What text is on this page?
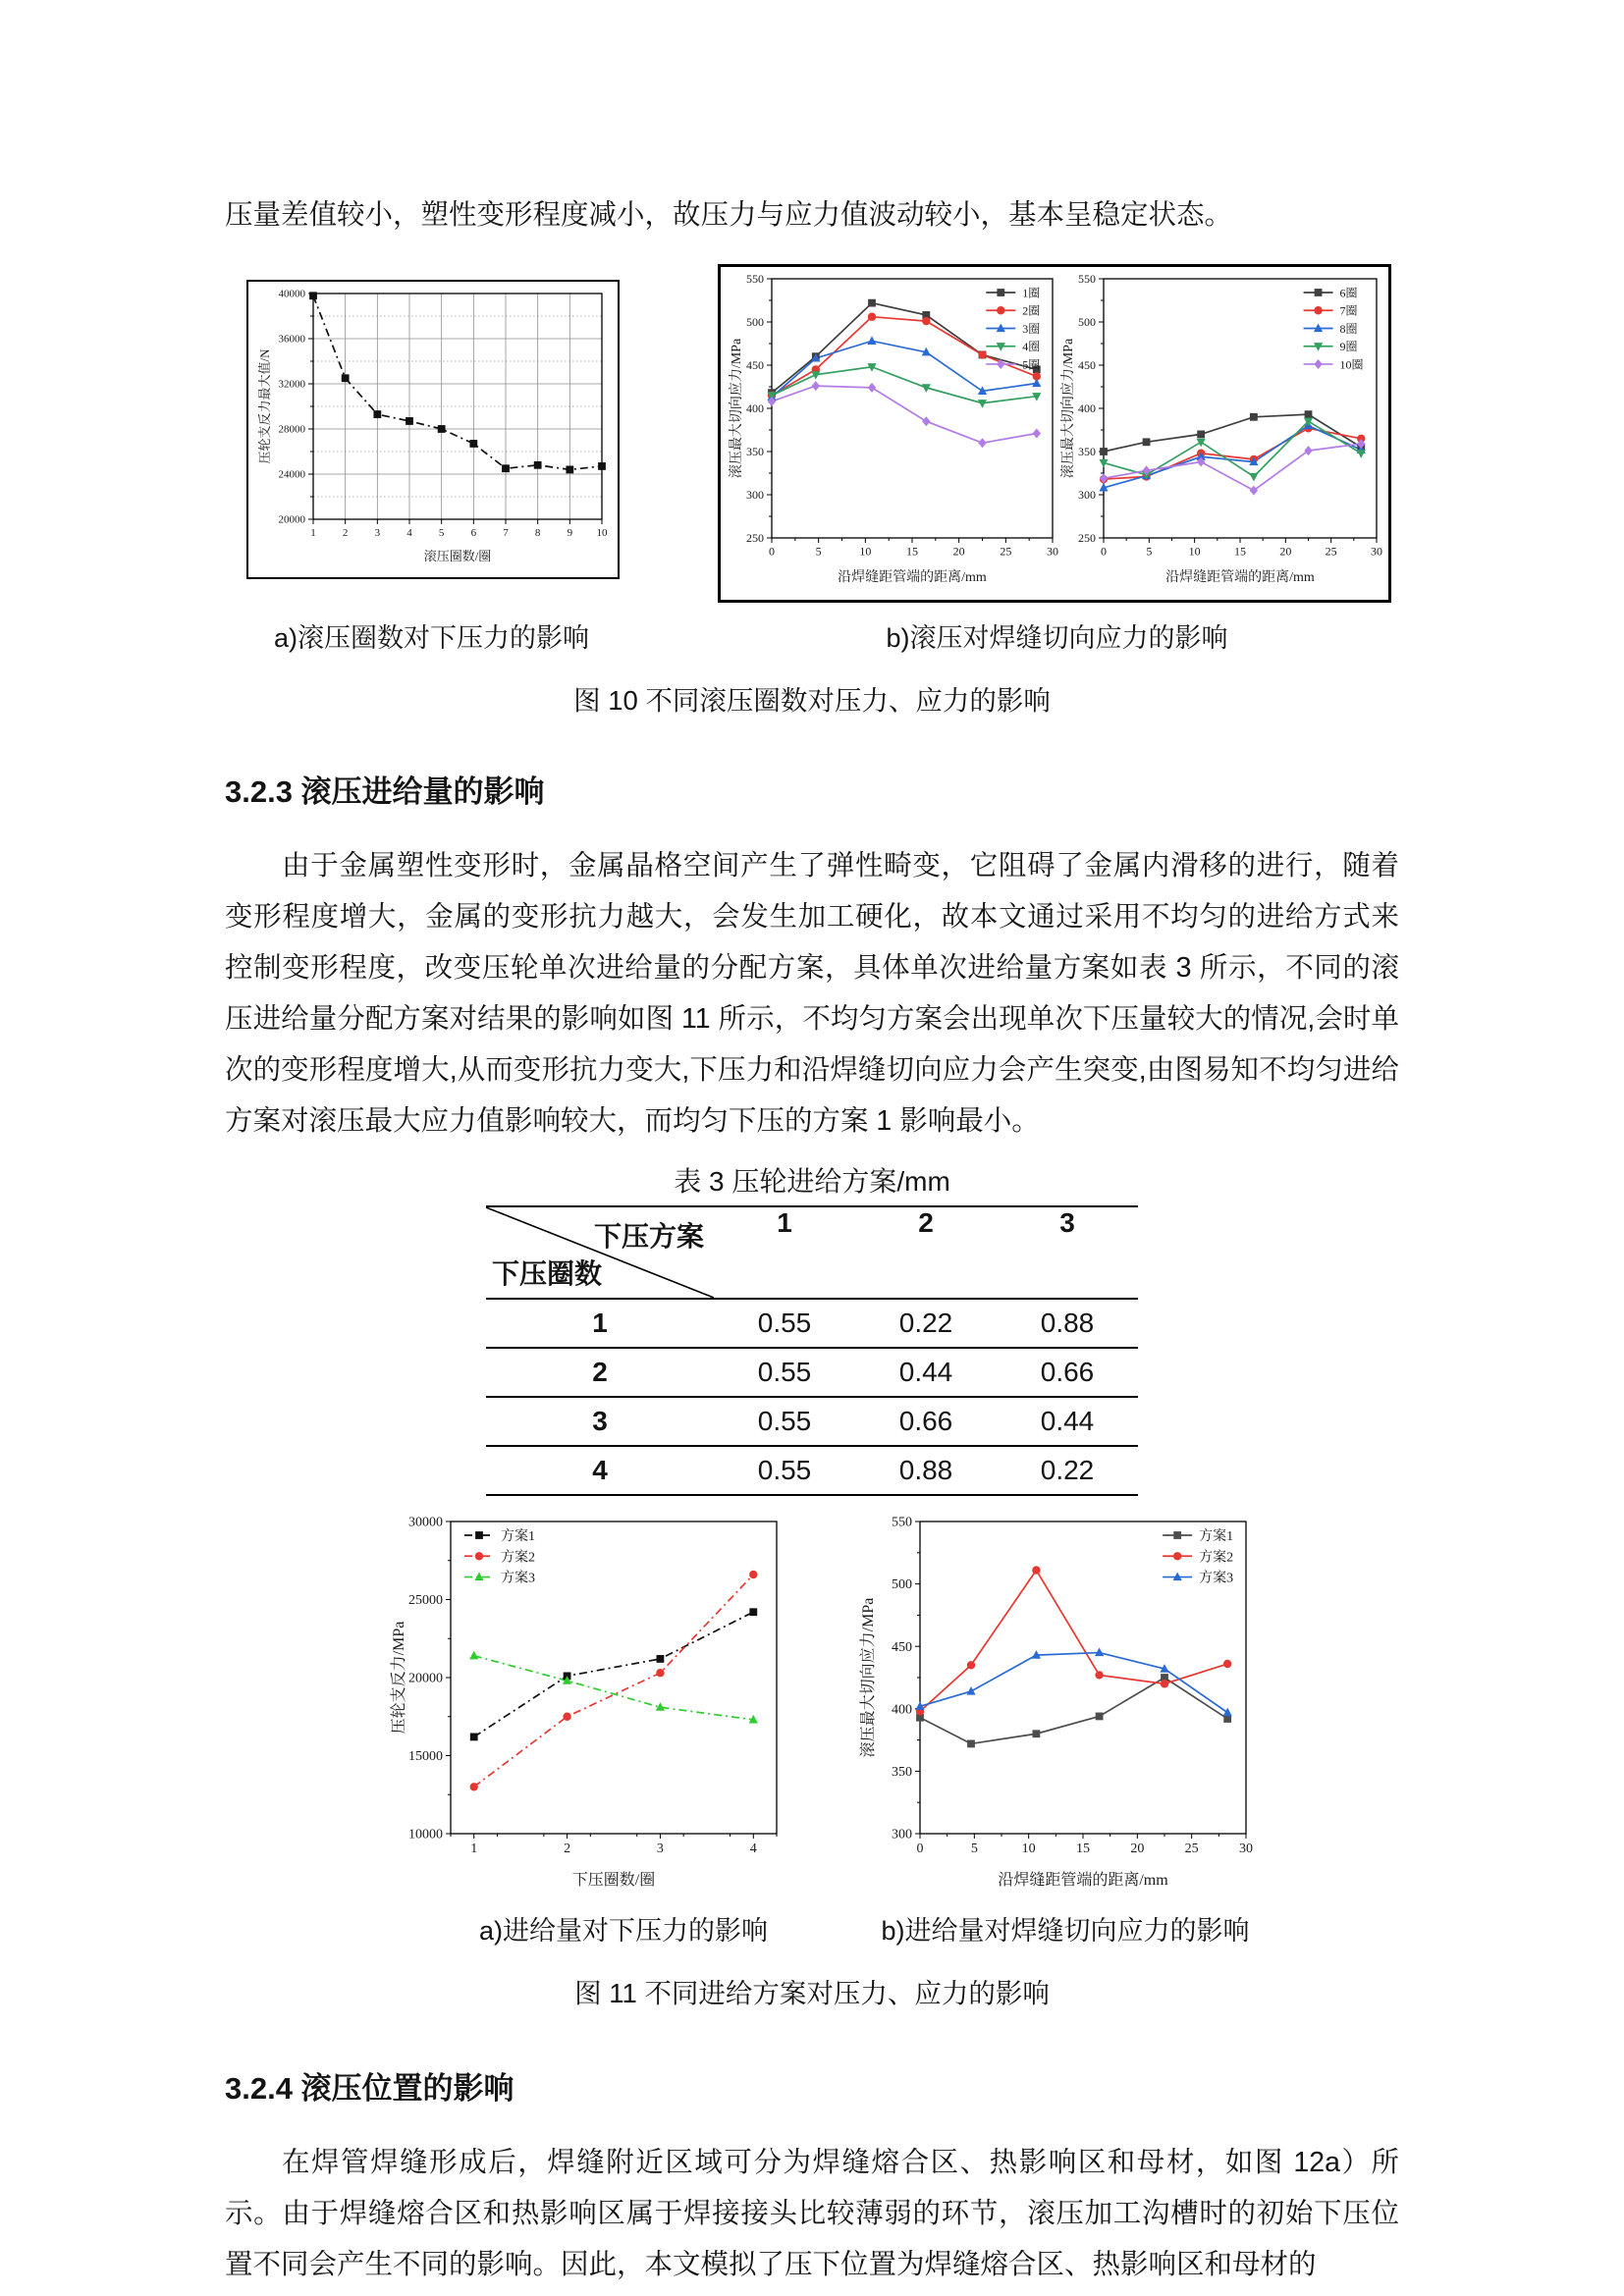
压量差值较小，塑性变形程度减小，故压力与应力值波动较小，基本呈稳定状态。

1 2 3 4 5 6 7 8 9 10
20000
24000
28000
32000
36000
40000
滚压圈数/圈
压轮支反力最大值/N
0	5	10	15	20	25	30
250
300
350
400
450
500
550
沿焊缝距管端的距离/mm
滚压最大切向应力/MPa
1圈
2圈
3圈
4圈
5圈
0	5	10	15	20	25	30
250
300
350
400
450
500
550
沿焊缝距管端的距离/mm
滚压最大切向应力/MPa
6圈
7圈
8圈
9圈
10圈
a)滚压圈数对下压力的影响	b)滚压对焊缝切向应力的影响

图 10 不同滚压圈数对压力、应力的影响

3.2.3 滚压进给量的影响

由于金属塑性变形时，金属晶格空间产生了弹性畸变，它阻碍了金属内滑移的进行，随着变形程度增大，金属的变形抗力越大，会发生加工硬化，故本文通过采用不均匀的进给方式来控制变形程度，改变压轮单次进给量的分配方案，具体单次进给量方案如表 3 所示，不同的滚压进给量分配方案对结果的影响如图 11 所示，不均匀方案会出现单次下压量较大的情况,会时单次的变形程度增大,从而变形抗力变大,下压力和沿焊缝切向应力会产生突变,由图易知不均匀进给方案对滚压最大应力值影响较大，而均匀下压的方案 1 影响最小。

表 3 压轮进给方案/mm

下压方案
下压圈数	1	2	3
1	0.55	0.22	0.88
2	0.55	0.44	0.66
3	0.55	0.66	0.44
4	0.55	0.88	0.22
1	2	3	4
10000
15000
20000
25000
30000
下压圈数/圈
压轮支反力/MPa
方案1
方案2
方案3
0	5	10	15	20	25	30
300
350
400
450
500
550
沿焊缝距管端的距离/mm
滚压最大切向应力/MPa
方案1
方案2
方案3
a)进给量对下压力的影响	b)进给量对焊缝切向应力的影响

图 11 不同进给方案对压力、应力的影响

3.2.4 滚压位置的影响

在焊管焊缝形成后，焊缝附近区域可分为焊缝熔合区、热影响区和母材，如图 12a）所示。由于焊缝熔合区和热影响区属于焊接接头比较薄弱的环节，滚压加工沟槽时的初始下压位置不同会产生不同的影响。因此，本文模拟了压下位置为焊缝熔合区、热影响区和母材的
